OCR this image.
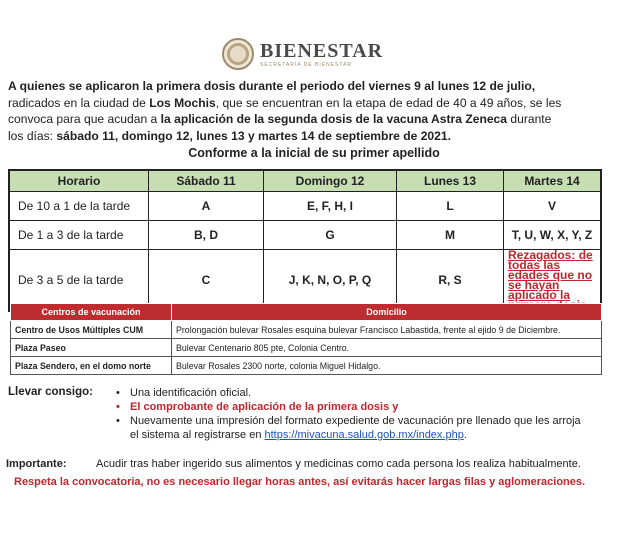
BIENESTAR
SECRETARÍA DE BIENESTAR
A quienes se aplicaron la primera dosis durante el periodo del viernes 9 al lunes 12 de julio,
radicados en la ciudad de Los Mochis, que se encuentran en la etapa de edad de 40 a 49 años, se les
convoca para que acudan a la aplicación de la segunda dosis de la vacuna Astra Zeneca durante
los días: sábado 11, domingo 12, lunes 13 y martes 14 de septiembre de 2021.
Conforme a la inicial de su primer apellido
Horario	Sábado 11	Domingo 12	Lunes 13	Martes 14
De 10 a 1 de la tarde	A	E, F, H, I	L	V
De 1 a 3 de la tarde	B, D	G	M	T, U, W, X, Y, Z
De 3 a 5 de la tarde	C	J, K, N, O, P, Q	R, S	Rezagados: de todas las
edades que no se hayan
aplicado la
Centros de vacunación	Domicilio
Centro de Usos Múltiples CUM	Prolongación bulevar Rosales esquina bulevar Francisco Labastida, frente al ejido 9 de Diciembre.
Plaza Paseo	Bulevar Centenario 805 pte, Colonia Centro.
Plaza Sendero, en el domo norte	Bulevar Rosales 2300 norte, colonia Miguel Hidalgo.
Llevar consigo: • Una identificación oficial.
• El comprobante de aplicación de la primera dosis y
• Nuevamente una impresión del formato expediente de vacunación pre llenado que les arroja
el sistema al registrarse en https://mivacuna.salud.gob.mx/index.php.
Importante:	Acudir tras haber ingerido sus alimentos y medicinas como cada persona los realiza habitualmente.
Respeta la convocatoria, no es necesario llegar horas antes, así evitarás hacer largas filas y aglomeraciones.
